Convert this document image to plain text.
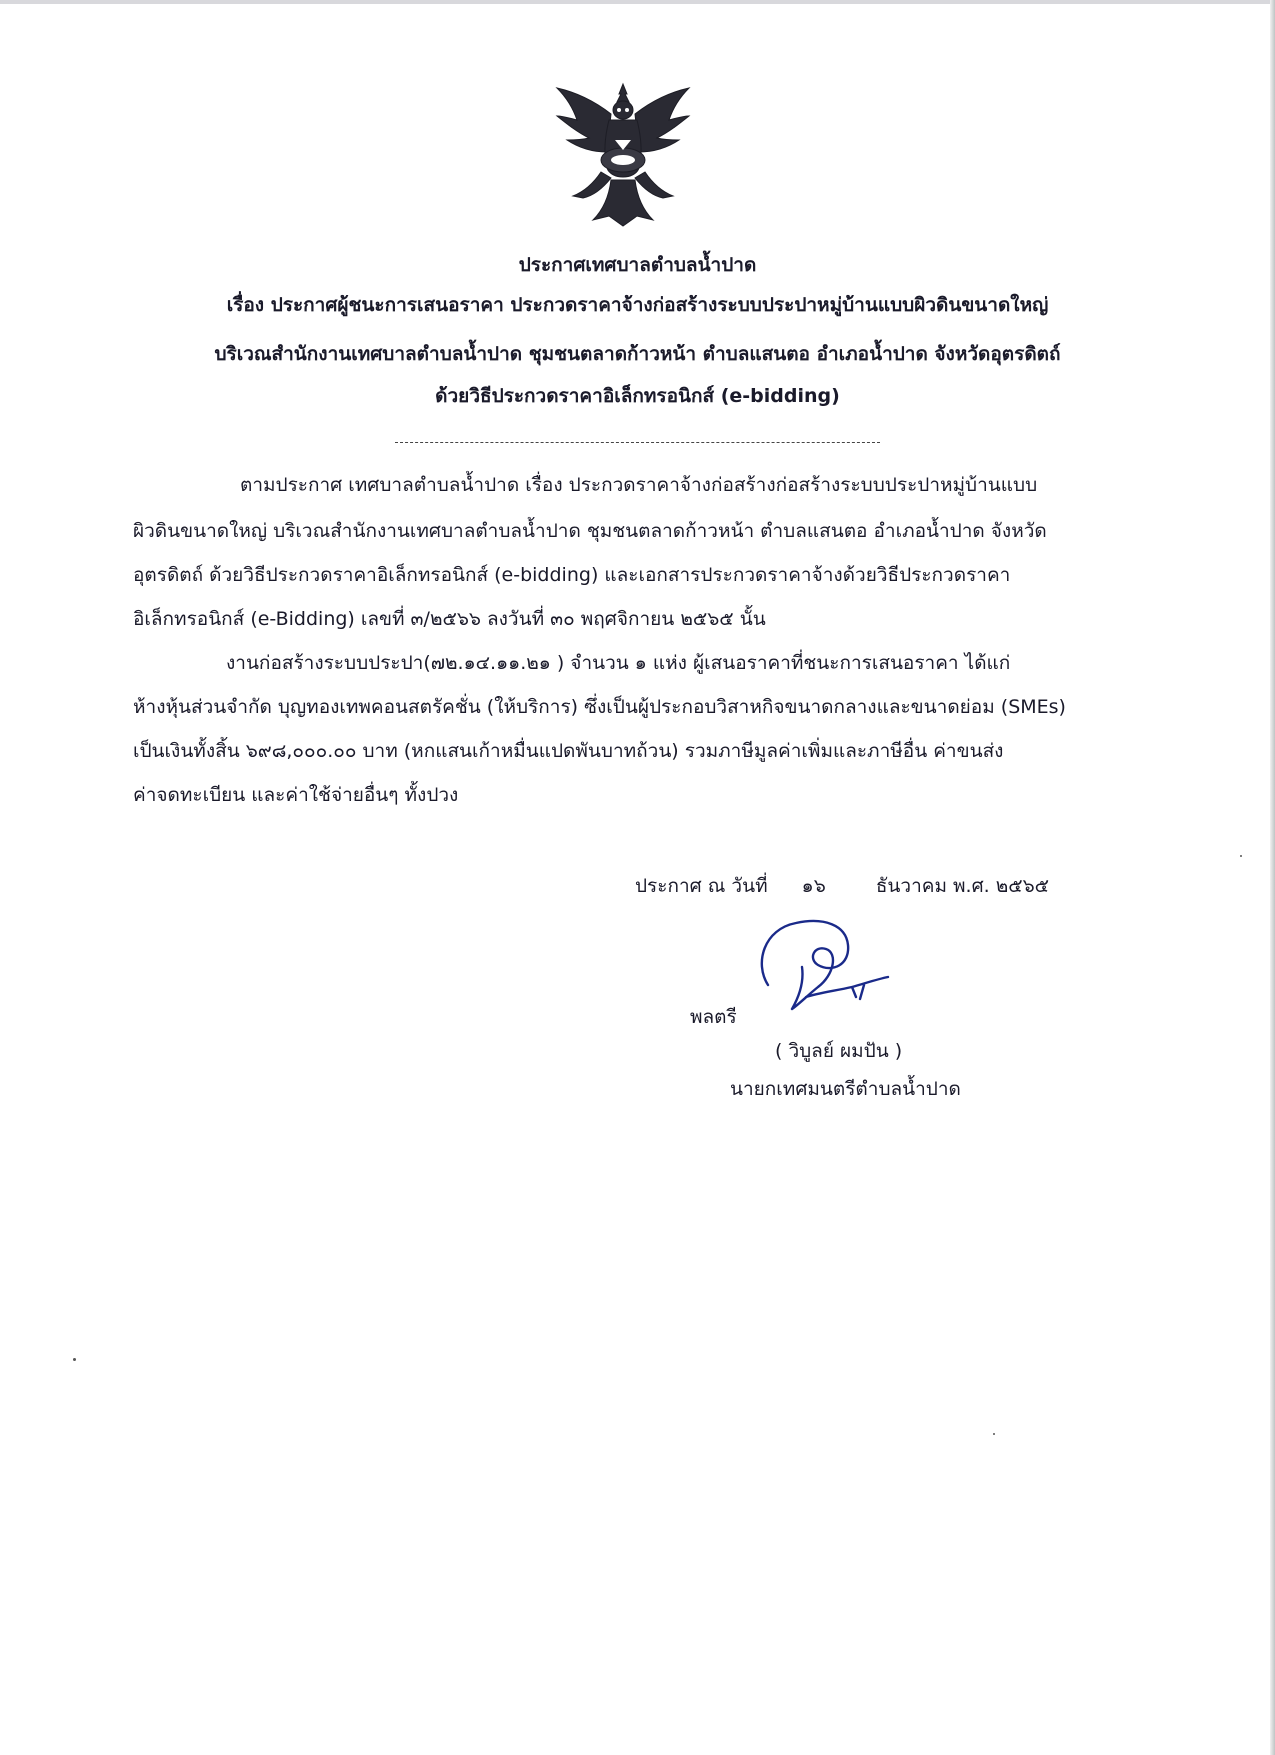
ประกาศเทศบาลตำบลน้ำปาด
เรื่อง ประกาศผู้ชนะการเสนอราคา ประกวดราคาจ้างก่อสร้างระบบประปาหมู่บ้านแบบผิวดินขนาดใหญ่
บริเวณสำนักงานเทศบาลตำบลน้ำปาด ชุมชนตลาดก้าวหน้า ตำบลแสนตอ อำเภอน้ำปาด จังหวัดอุตรดิตถ์
ด้วยวิธีประกวดราคาอิเล็กทรอนิกส์ (e-bidding)
ตามประกาศ เทศบาลตำบลน้ำปาด เรื่อง ประกวดราคาจ้างก่อสร้างก่อสร้างระบบประปาหมู่บ้านแบบ
ผิวดินขนาดใหญ่ บริเวณสำนักงานเทศบาลตำบลน้ำปาด ชุมชนตลาดก้าวหน้า ตำบลแสนตอ อำเภอน้ำปาด จังหวัด
อุตรดิตถ์ ด้วยวิธีประกวดราคาอิเล็กทรอนิกส์ (e-bidding) และเอกสารประกวดราคาจ้างด้วยวิธีประกวดราคา
อิเล็กทรอนิกส์ (e-Bidding) เลขที่ ๓/๒๕๖๖ ลงวันที่ ๓๐ พฤศจิกายน ๒๕๖๕ นั้น
งานก่อสร้างระบบประปา(๗๒.๑๔.๑๑.๒๑ ) จำนวน ๑ แห่ง ผู้เสนอราคาที่ชนะการเสนอราคา ได้แก่
ห้างหุ้นส่วนจำกัด บุญทองเทพคอนสตรัคชั่น (ให้บริการ) ซึ่งเป็นผู้ประกอบวิสาหกิจขนาดกลางและขนาดย่อม (SMEs)
เป็นเงินทั้งสิ้น ๖๙๘,๐๐๐.๐๐ บาท (หกแสนเก้าหมื่นแปดพันบาทถ้วน) รวมภาษีมูลค่าเพิ่มและภาษีอื่น ค่าขนส่ง
ค่าจดทะเบียน และค่าใช้จ่ายอื่นๆ ทั้งปวง
ประกาศ ณ วันที่ ๑๖	ธันวาคม พ.ศ. ๒๕๖๕
พลตรี
( วิบูลย์ ผมปัน )
นายกเทศมนตรีตำบลน้ำปาด
